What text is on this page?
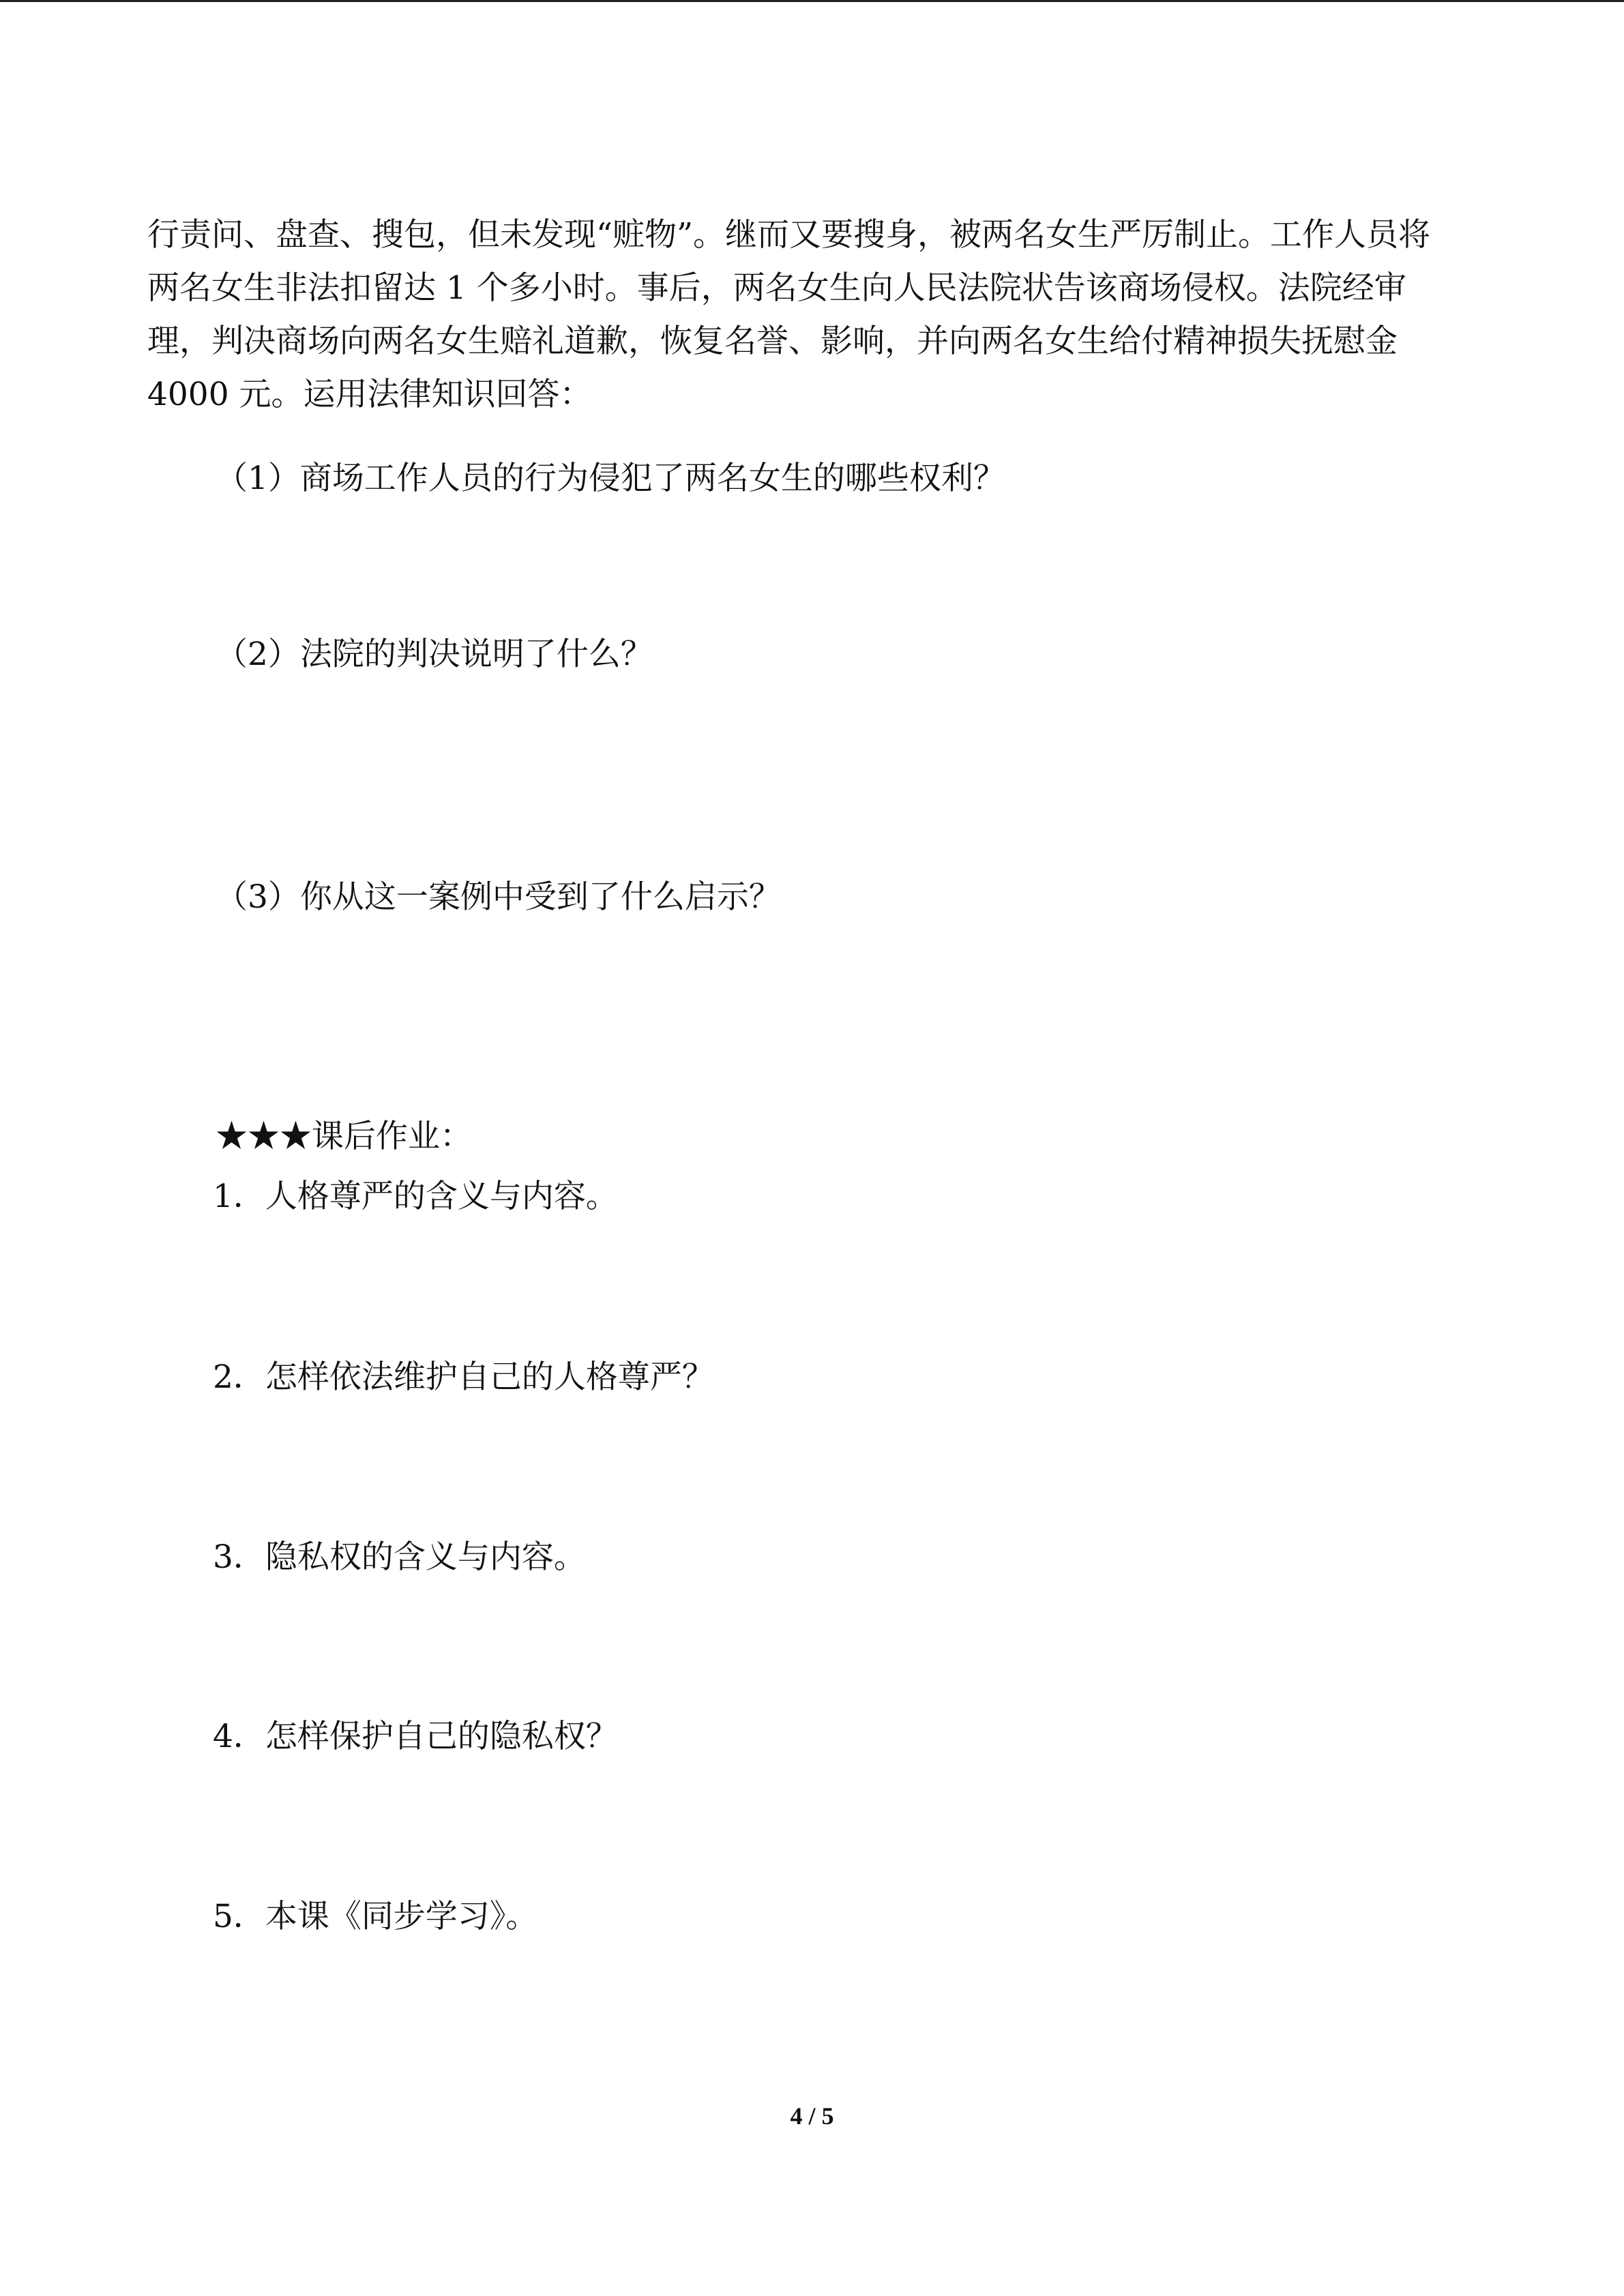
行责问、盘查、搜包，但未发现“赃物”。继而又要搜身，被两名女生严厉制止。工作人员将
两名女生非法扣留达 1 个多小时。事后，两名女生向人民法院状告该商场侵权。法院经审
理，判决商场向两名女生赔礼道歉，恢复名誉、影响，并向两名女生给付精神损失抚慰金
4000 元。运用法律知识回答：
（1）商场工作人员的行为侵犯了两名女生的哪些权利？
（2）法院的判决说明了什么？
（3）你从这一案例中受到了什么启示？
★★★课后作业：
1．人格尊严的含义与内容。
2．怎样依法维护自己的人格尊严？
3．隐私权的含义与内容。
4．怎样保护自己的隐私权？
5．本课《同步学习》。
4 / 5
